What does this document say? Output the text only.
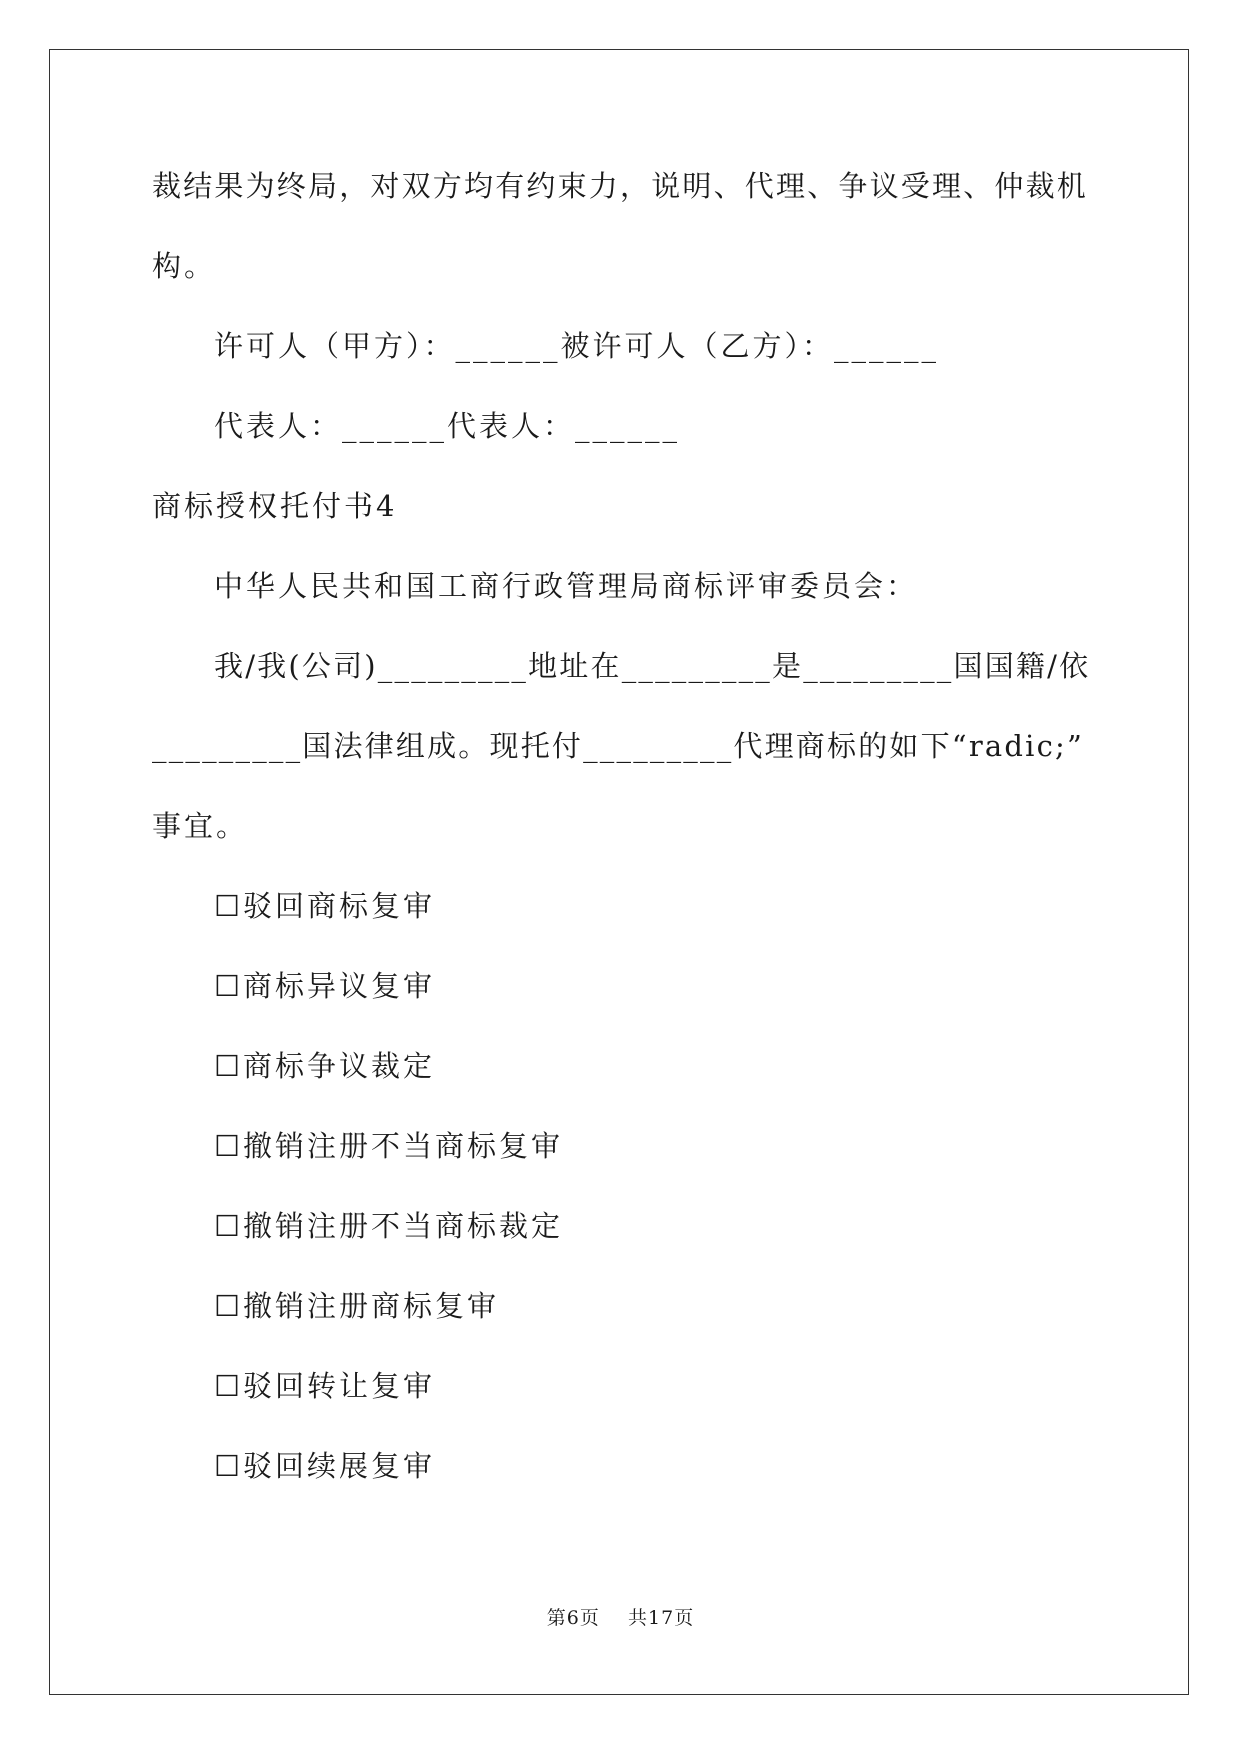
裁结果为终局，对双方均有约束力，说明、代理、争议受理、仲裁机
构。
许可人（甲方）：______被许可人（乙方）：______
代表人：______代表人：______
商标授权托付书4
中华人民共和国工商行政管理局商标评审委员会：
我/我(公司)_________地址在_________是_________国国籍/依
_________国法律组成。现托付_________代理商标的如下“radic;”
事宜。
☐驳回商标复审
☐商标异议复审
☐商标争议裁定
☐撤销注册不当商标复审
☐撤销注册不当商标裁定
☐撤销注册商标复审
☐驳回转让复审
☐驳回续展复审
第6页    共17页
